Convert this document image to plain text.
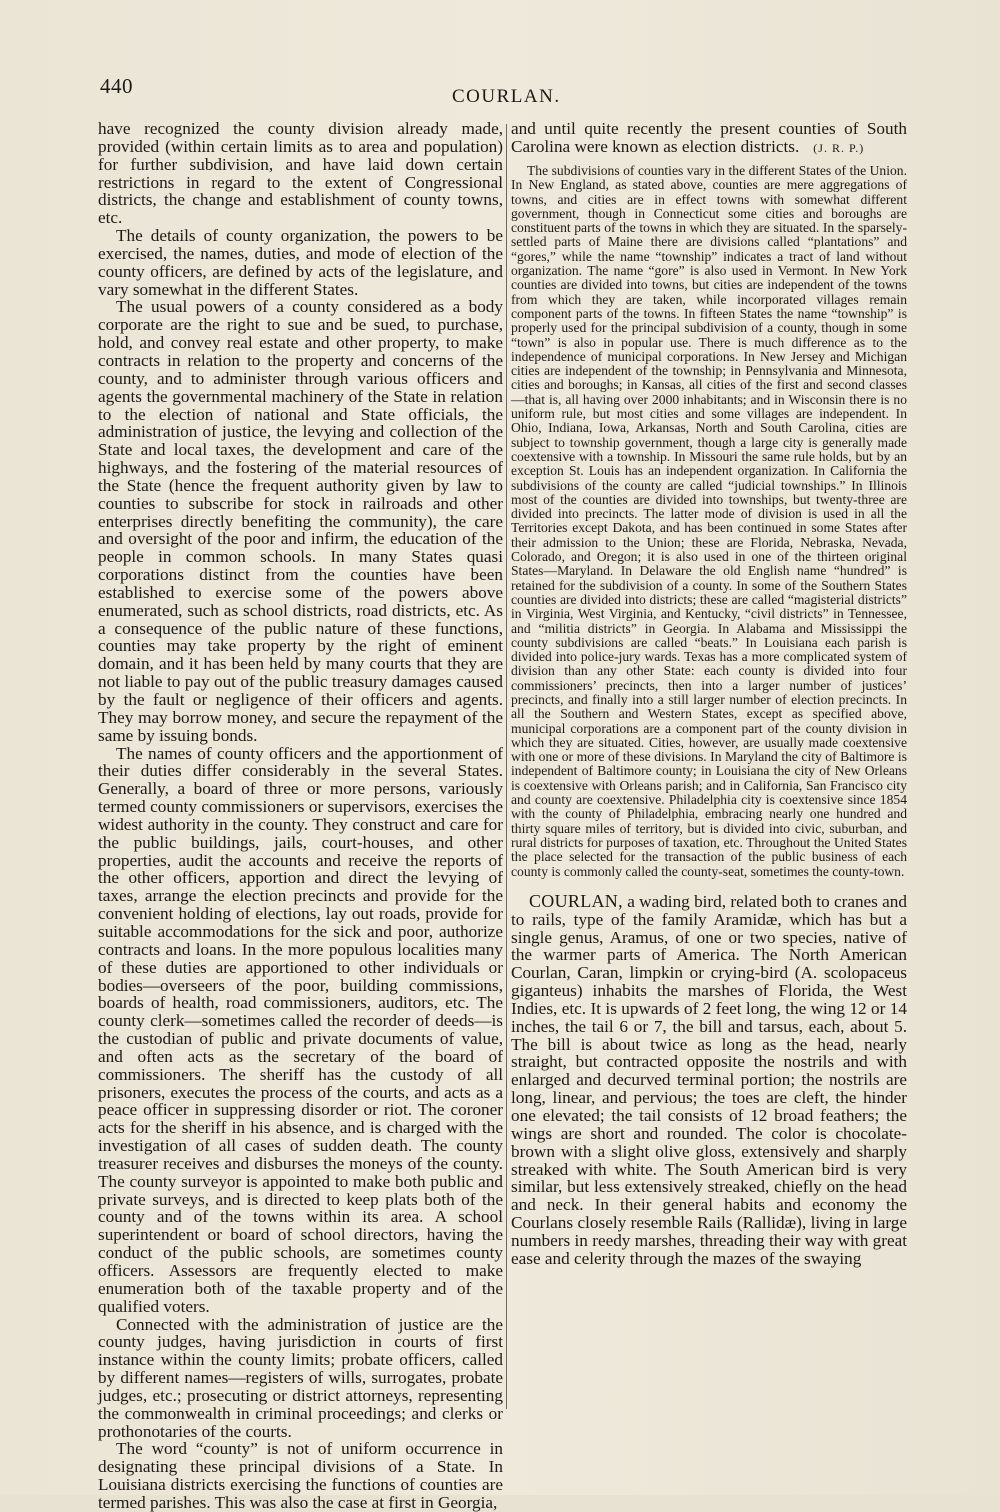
440	COURLAN.

have recognized the county division already made, provided (within certain limits as to area and population) for further subdivision, and have laid down certain restrictions in regard to the extent of Congressional districts, the change and establishment of county towns, etc.

The details of county organization, the powers to be exercised, the names, duties, and mode of election of the county officers, are defined by acts of the legislature, and vary somewhat in the different States.

The usual powers of a county considered as a body corporate are the right to sue and be sued, to purchase, hold, and convey real estate and other property, to make contracts in relation to the property and concerns of the county, and to administer through various officers and agents the governmental machinery of the State in relation to the election of national and State officials, the administration of justice, the levying and collection of the State and local taxes, the development and care of the highways, and the fostering of the material resources of the State (hence the frequent authority given by law to counties to subscribe for stock in railroads and other enterprises directly benefiting the community), the care and oversight of the poor and infirm, the education of the people in common schools. In many States quasi corporations distinct from the counties have been established to exercise some of the powers above enumerated, such as school districts, road districts, etc. As a consequence of the public nature of these functions, counties may take property by the right of eminent domain, and it has been held by many courts that they are not liable to pay out of the public treasury damages caused by the fault or negligence of their officers and agents. They may borrow money, and secure the repayment of the same by issuing bonds.

The names of county officers and the apportionment of their duties differ considerably in the several States. Generally, a board of three or more persons, variously termed county commissioners or supervisors, exercises the widest authority in the county. They construct and care for the public buildings, jails, court-houses, and other properties, audit the accounts and receive the reports of the other officers, apportion and direct the levying of taxes, arrange the election precincts and provide for the convenient holding of elections, lay out roads, provide for suitable accommodations for the sick and poor, authorize contracts and loans. In the more populous localities many of these duties are apportioned to other individuals or bodies—overseers of the poor, building commissions, boards of health, road commissioners, auditors, etc. The county clerk—sometimes called the recorder of deeds—is the custodian of public and private documents of value, and often acts as the secretary of the board of commissioners. The sheriff has the custody of all prisoners, executes the process of the courts, and acts as a peace officer in suppressing disorder or riot. The coroner acts for the sheriff in his absence, and is charged with the investigation of all cases of sudden death. The county treasurer receives and disburses the moneys of the county. The county surveyor is appointed to make both public and private surveys, and is directed to keep plats both of the county and of the towns within its area. A school superintendent or board of school directors, having the conduct of the public schools, are sometimes county officers. Assessors are frequently elected to make enumeration both of the taxable property and of the qualified voters.

Connected with the administration of justice are the county judges, having jurisdiction in courts of first instance within the county limits; probate officers, called by different names—registers of wills, surrogates, probate judges, etc.; prosecuting or district attorneys, representing the commonwealth in criminal proceedings; and clerks or prothonotaries of the courts.

The word “county” is not of uniform occurrence in designating these principal divisions of a State. In Louisiana districts exercising the functions of counties are termed parishes. This was also the case at first in Georgia,

and until quite recently the present counties of South Carolina were known as election districts. (J. R. P.)

The subdivisions of counties vary in the different States of the Union. In New England, as stated above, counties are mere aggregations of towns, and cities are in effect towns with somewhat different government, though in Connecticut some cities and boroughs are constituent parts of the towns in which they are situated. In the sparsely-settled parts of Maine there are divisions called “plantations” and “gores,” while the name “township” indicates a tract of land without organization. The name “gore” is also used in Vermont. In New York counties are divided into towns, but cities are independent of the towns from which they are taken, while incorporated villages remain component parts of the towns. In fifteen States the name “township” is properly used for the principal subdivision of a county, though in some “town” is also in popular use. There is much difference as to the independence of municipal corporations. In New Jersey and Michigan cities are independent of the township; in Pennsylvania and Minnesota, cities and boroughs; in Kansas, all cities of the first and second classes—that is, all having over 2000 inhabitants; and in Wisconsin there is no uniform rule, but most cities and some villages are independent. In Ohio, Indiana, Iowa, Arkansas, North and South Carolina, cities are subject to township government, though a large city is generally made coextensive with a township. In Missouri the same rule holds, but by an exception St. Louis has an independent organization. In California the subdivisions of the county are called “judicial townships.” In Illinois most of the counties are divided into townships, but twenty-three are divided into precincts. The latter mode of division is used in all the Territories except Dakota, and has been continued in some States after their admission to the Union; these are Florida, Nebraska, Nevada, Colorado, and Oregon; it is also used in one of the thirteen original States—Maryland. In Delaware the old English name “hundred” is retained for the subdivision of a county. In some of the Southern States counties are divided into districts; these are called “magisterial districts” in Virginia, West Virginia, and Kentucky, “civil districts” in Tennessee, and “militia districts” in Georgia. In Alabama and Mississippi the county subdivisions are called “beats.” In Louisiana each parish is divided into police-jury wards. Texas has a more complicated system of division than any other State: each county is divided into four commissioners’ precincts, then into a larger number of justices’ precincts, and finally into a still larger number of election precincts. In all the Southern and Western States, except as specified above, municipal corporations are a component part of the county division in which they are situated. Cities, however, are usually made coextensive with one or more of these divisions. In Maryland the city of Baltimore is independent of Baltimore county; in Louisiana the city of New Orleans is coextensive with Orleans parish; and in California, San Francisco city and county are coextensive. Philadelphia city is coextensive since 1854 with the county of Philadelphia, embracing nearly one hundred and thirty square miles of territory, but is divided into civic, suburban, and rural districts for purposes of taxation, etc. Throughout the United States the place selected for the transaction of the public business of each county is commonly called the county-seat, sometimes the county-town.

COURLAN, a wading bird, related both to cranes and to rails, type of the family Aramidæ, which has but a single genus, Aramus, of one or two species, native of the warmer parts of America. The North American Courlan, Caran, limpkin or crying-bird (A. scolopaceus giganteus) inhabits the marshes of Florida, the West Indies, etc. It is upwards of 2 feet long, the wing 12 or 14 inches, the tail 6 or 7, the bill and tarsus, each, about 5. The bill is about twice as long as the head, nearly straight, but contracted opposite the nostrils and with enlarged and decurved terminal portion; the nostrils are long, linear, and pervious; the toes are cleft, the hinder one elevated; the tail consists of 12 broad feathers; the wings are short and rounded. The color is chocolate-brown with a slight olive gloss, extensively and sharply streaked with white. The South American bird is very similar, but less extensively streaked, chiefly on the head and neck. In their general habits and economy the Courlans closely resemble Rails (Rallidæ), living in large numbers in reedy marshes, threading their way with great ease and celerity through the mazes of the swaying
